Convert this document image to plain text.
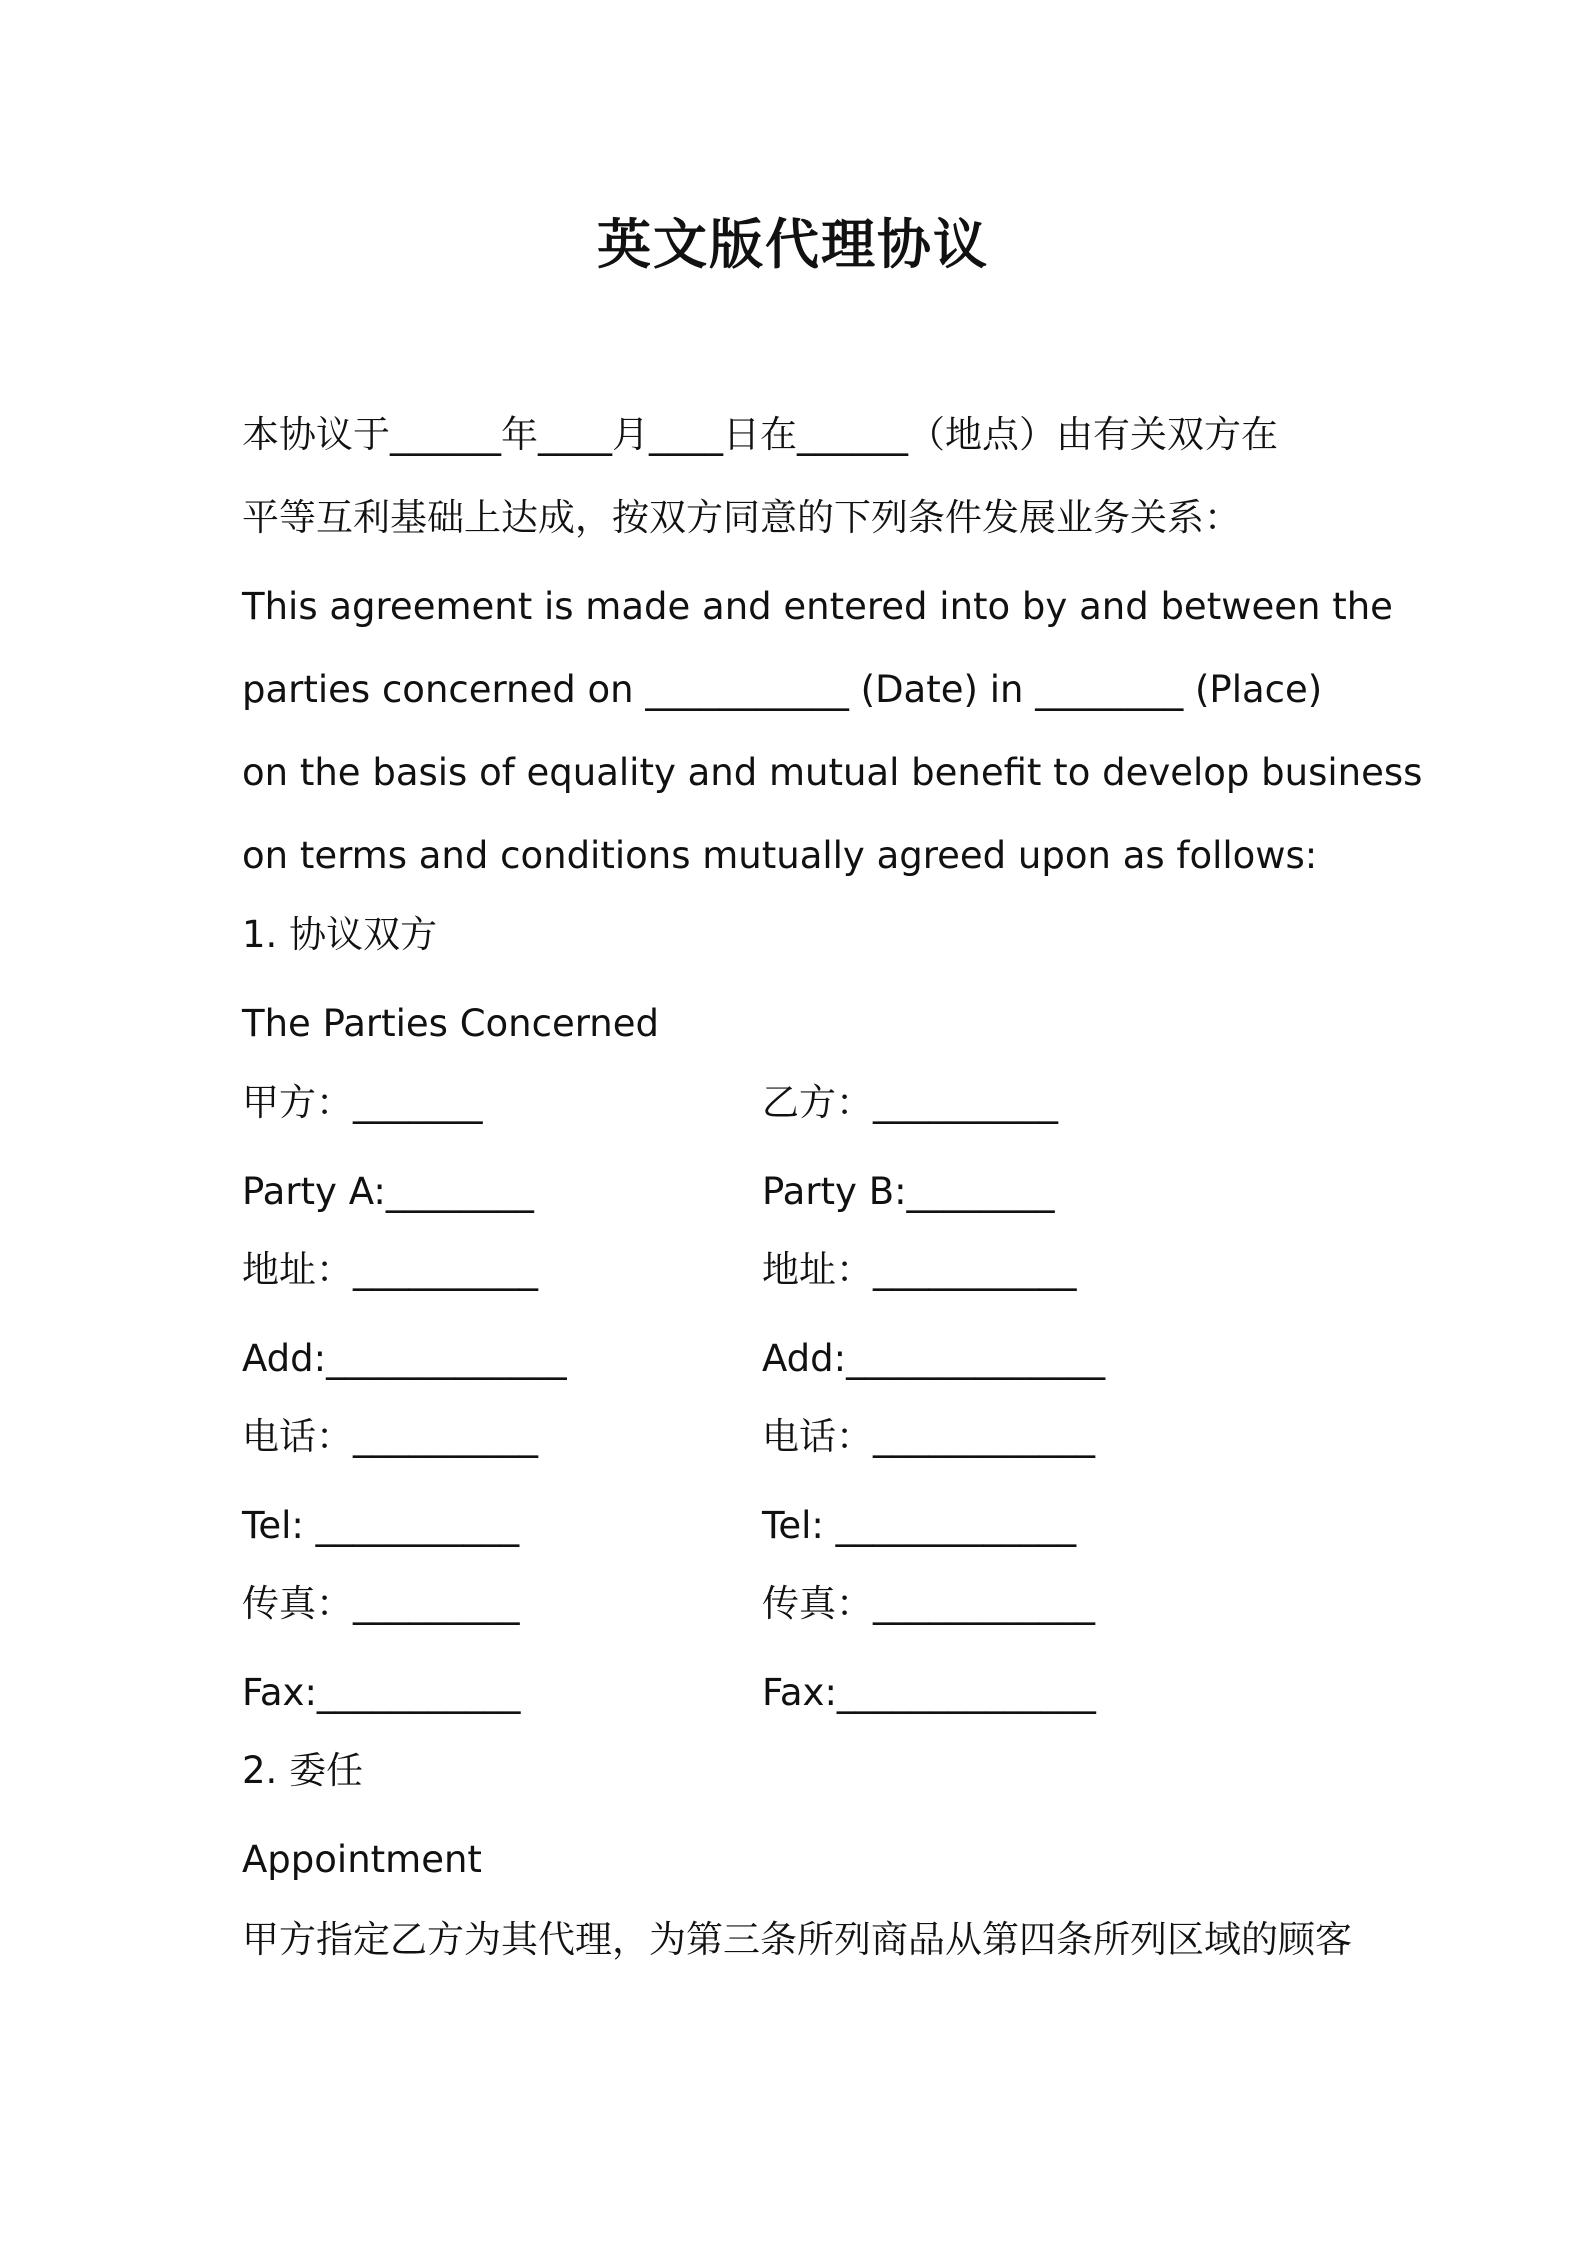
英文版代理协议
本协议于______年____月____日在______（地点）由有关双方在
平等互利基础上达成，按双方同意的下列条件发展业务关系：
This agreement is made and entered into by and between the
parties concerned on ___________ (Date) in ________ (Place)
on the basis of equality and mutual benefit to develop business
on terms and conditions mutually agreed upon as follows:
1. 协议双方
The Parties Concerned
甲方：_______	乙方：__________
Party A:________	Party B:________
地址：__________	地址：___________
Add:_____________	Add:______________
电话：__________	电话：____________
Tel: ___________	Tel: _____________
传真：_________	传真：____________
Fax:___________	Fax:______________
2. 委任
Appointment
甲方指定乙方为其代理，为第三条所列商品从第四条所列区域的顾客
